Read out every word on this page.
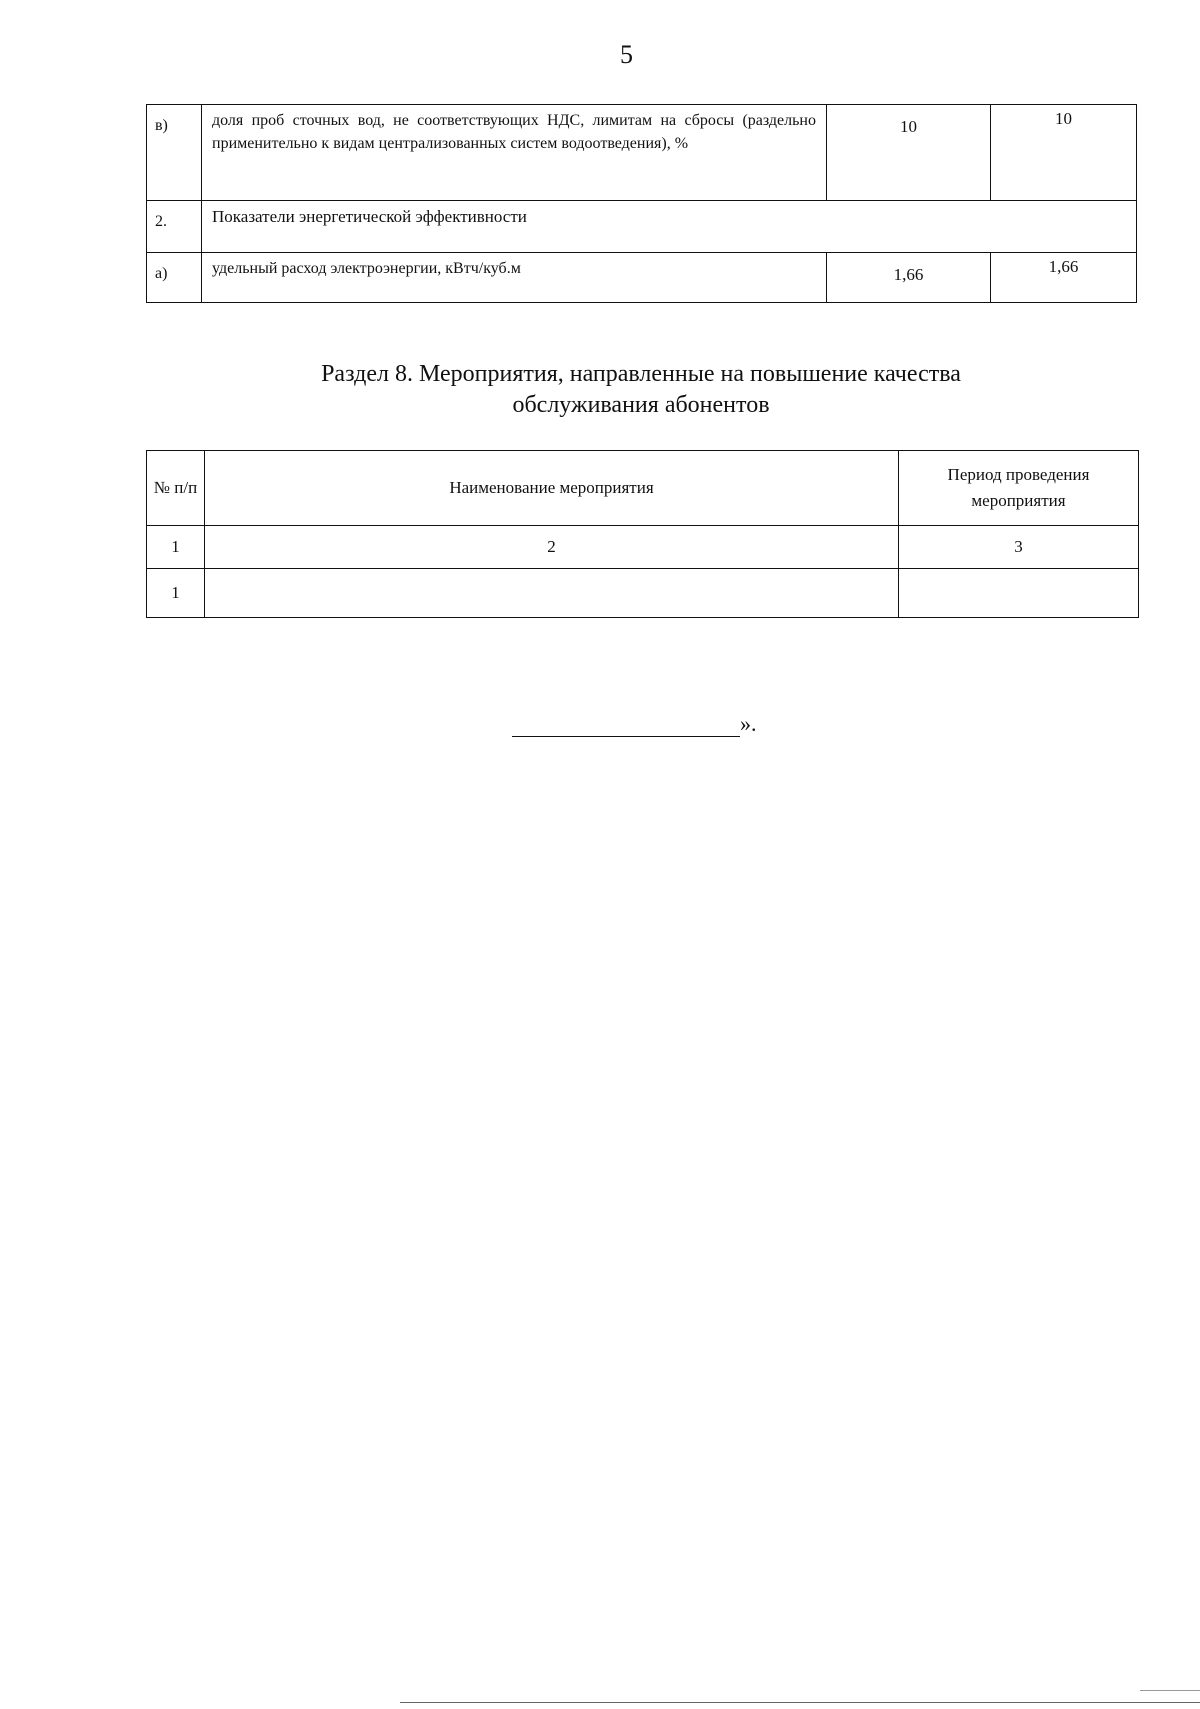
5
в)	доля проб сточных вод, не соответствующих НДС, лимитам на сбросы (раздельно применительно к видам централизованных систем водоотведения), %	10	10
2.	Показатели энергетической эффективности		
а)	удельный расход электроэнергии, кВтч/куб.м	1,66	1,66
Раздел 8. Мероприятия, направленные на повышение качества
обслуживания абонентов
№ п/п	Наименование мероприятия	Период проведения мероприятия
1	2	3
1		
».
